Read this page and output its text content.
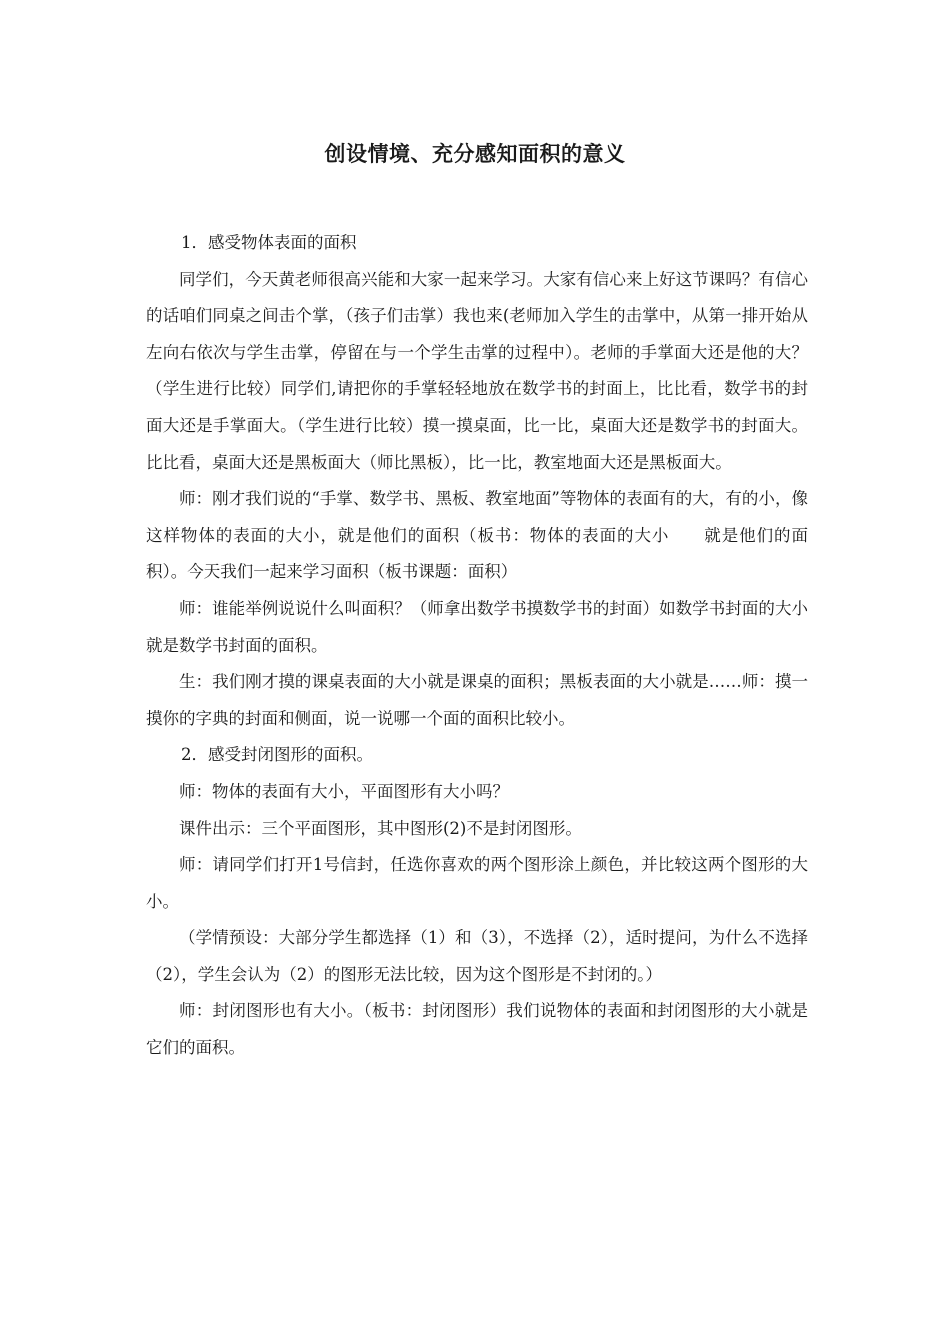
创设情境、充分感知面积的意义

1．感受物体表面的面积

同学们，今天黄老师很高兴能和大家一起来学习。大家有信心来上好这节课吗？有信心的话咱们同桌之间击个掌，（孩子们击掌）我也来(老师加入学生的击掌中，从第一排开始从左向右依次与学生击掌，停留在与一个学生击掌的过程中）。老师的手掌面大还是他的大？（学生进行比较）同学们,请把你的手掌轻轻地放在数学书的封面上，比比看，数学书的封面大还是手掌面大。（学生进行比较）摸一摸桌面，比一比，桌面大还是数学书的封面大。比比看，桌面大还是黑板面大（师比黑板），比一比，教室地面大还是黑板面大。

师：刚才我们说的“手掌、数学书、黑板、教室地面”等物体的表面有的大，有的小，像这样物体的表面的大小，就是他们的面积（板书：物体的表面的大小　　就是他们的面积）。今天我们一起来学习面积（板书课题：面积）

师：谁能举例说说什么叫面积？（师拿出数学书摸数学书的封面）如数学书封面的大小就是数学书封面的面积。

生：我们刚才摸的课桌表面的大小就是课桌的面积；黑板表面的大小就是……师：摸一摸你的字典的封面和侧面，说一说哪一个面的面积比较小。

2．感受封闭图形的面积。

师：物体的表面有大小，平面图形有大小吗？

课件出示：三个平面图形，其中图形(2)不是封闭图形。

师：请同学们打开1号信封，任选你喜欢的两个图形涂上颜色，并比较这两个图形的大小。

（学情预设：大部分学生都选择（1）和（3），不选择（2），适时提问，为什么不选择（2），学生会认为（2）的图形无法比较，因为这个图形是不封闭的。）

师：封闭图形也有大小。（板书：封闭图形）我们说物体的表面和封闭图形的大小就是它们的面积。
